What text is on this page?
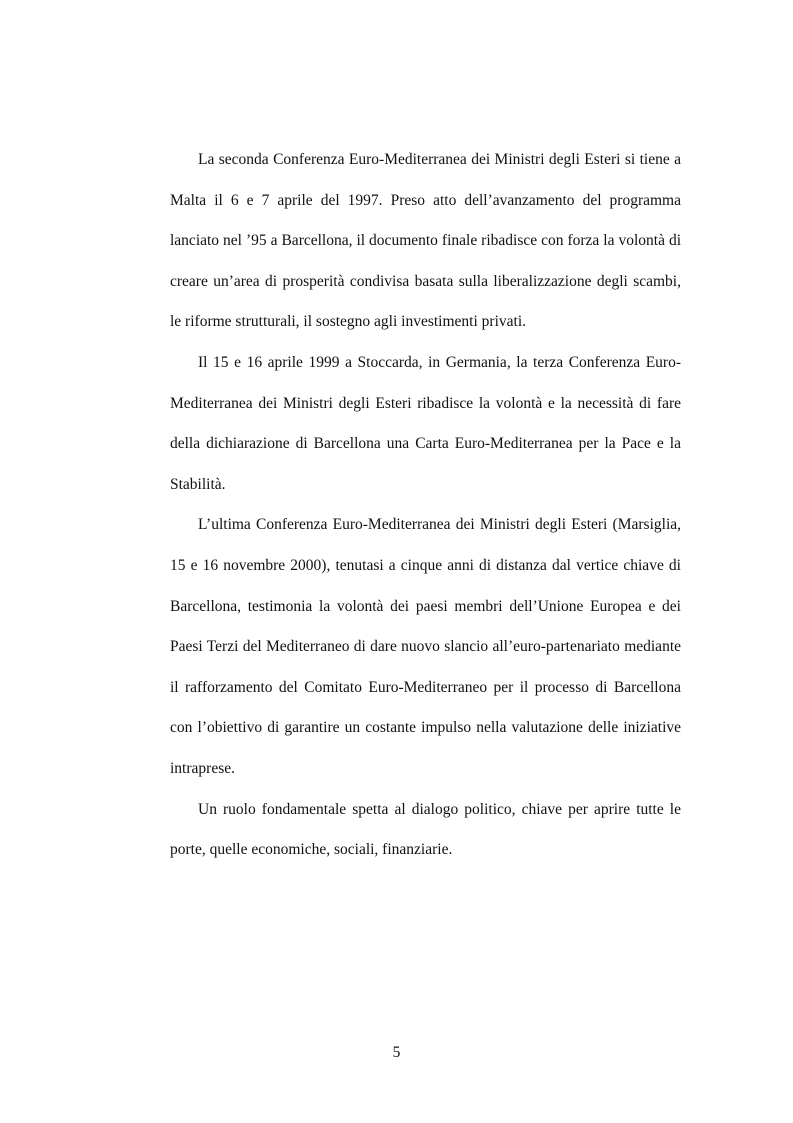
La seconda Conferenza Euro-Mediterranea dei Ministri degli Esteri si tiene a Malta il 6 e 7 aprile del 1997. Preso atto dell’avanzamento del programma lanciato nel ’95 a Barcellona, il documento finale ribadisce con forza la volontà di creare un’area di prosperità condivisa basata sulla liberalizzazione degli scambi, le riforme strutturali, il sostegno agli investimenti privati.

Il 15 e 16 aprile 1999 a Stoccarda, in Germania, la terza Conferenza Euro-Mediterranea dei Ministri degli Esteri ribadisce la volontà e la necessità di fare della dichiarazione di Barcellona una Carta Euro-Mediterranea per la Pace e la Stabilità.

L’ultima Conferenza Euro-Mediterranea dei Ministri degli Esteri (Marsiglia, 15 e 16 novembre 2000), tenutasi a cinque anni di distanza dal vertice chiave di Barcellona, testimonia la volontà dei paesi membri dell’Unione Europea e dei Paesi Terzi del Mediterraneo di dare nuovo slancio all’euro-partenariato mediante il rafforzamento del Comitato Euro-Mediterraneo per il processo di Barcellona con l’obiettivo di garantire un costante impulso nella valutazione delle iniziative intraprese.

Un ruolo fondamentale spetta al dialogo politico, chiave per aprire tutte le porte, quelle economiche, sociali, finanziarie.

5
